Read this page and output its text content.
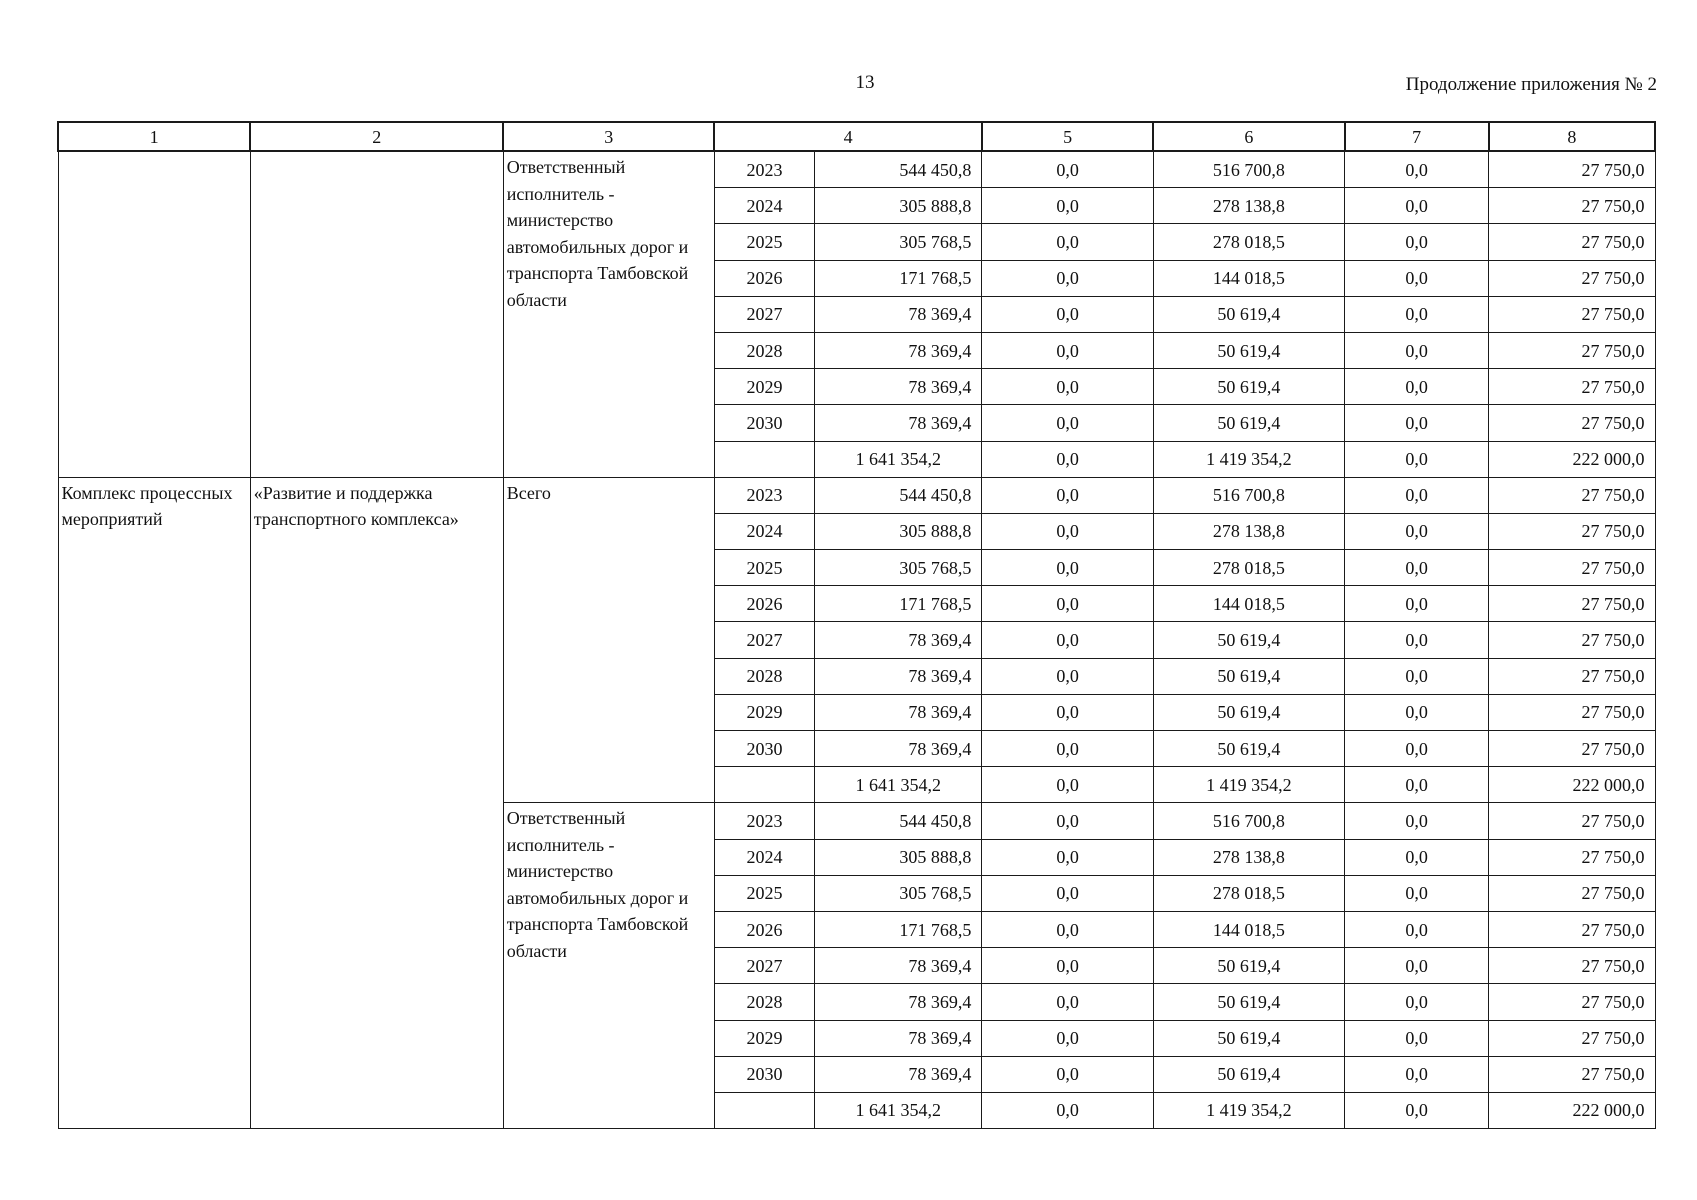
13	Продолжение приложения № 2
1	2	3	4		5	6	7	8
		Ответственный исполнитель - министерство автомобильных дорог и транспорта Тамбовской области	2023	544 450,8	0,0	516 700,8	0,0	27 750,0
			2024	305 888,8	0,0	278 138,8	0,0	27 750,0
			2025	305 768,5	0,0	278 018,5	0,0	27 750,0
			2026	171 768,5	0,0	144 018,5	0,0	27 750,0
			2027	78 369,4	0,0	50 619,4	0,0	27 750,0
			2028	78 369,4	0,0	50 619,4	0,0	27 750,0
			2029	78 369,4	0,0	50 619,4	0,0	27 750,0
			2030	78 369,4	0,0	50 619,4	0,0	27 750,0
				1 641 354,2	0,0	1 419 354,2	0,0	222 000,0
Комплекс процессных мероприятий	«Развитие и поддержка транспортного комплекса»	Всего	2023	544 450,8	0,0	516 700,8	0,0	27 750,0
			2024	305 888,8	0,0	278 138,8	0,0	27 750,0
			2025	305 768,5	0,0	278 018,5	0,0	27 750,0
			2026	171 768,5	0,0	144 018,5	0,0	27 750,0
			2027	78 369,4	0,0	50 619,4	0,0	27 750,0
			2028	78 369,4	0,0	50 619,4	0,0	27 750,0
			2029	78 369,4	0,0	50 619,4	0,0	27 750,0
			2030	78 369,4	0,0	50 619,4	0,0	27 750,0
				1 641 354,2	0,0	1 419 354,2	0,0	222 000,0
		Ответственный исполнитель - министерство автомобильных дорог и транспорта Тамбовской области	2023	544 450,8	0,0	516 700,8	0,0	27 750,0
			2024	305 888,8	0,0	278 138,8	0,0	27 750,0
			2025	305 768,5	0,0	278 018,5	0,0	27 750,0
			2026	171 768,5	0,0	144 018,5	0,0	27 750,0
			2027	78 369,4	0,0	50 619,4	0,0	27 750,0
			2028	78 369,4	0,0	50 619,4	0,0	27 750,0
			2029	78 369,4	0,0	50 619,4	0,0	27 750,0
			2030	78 369,4	0,0	50 619,4	0,0	27 750,0
				1 641 354,2	0,0	1 419 354,2	0,0	222 000,0
